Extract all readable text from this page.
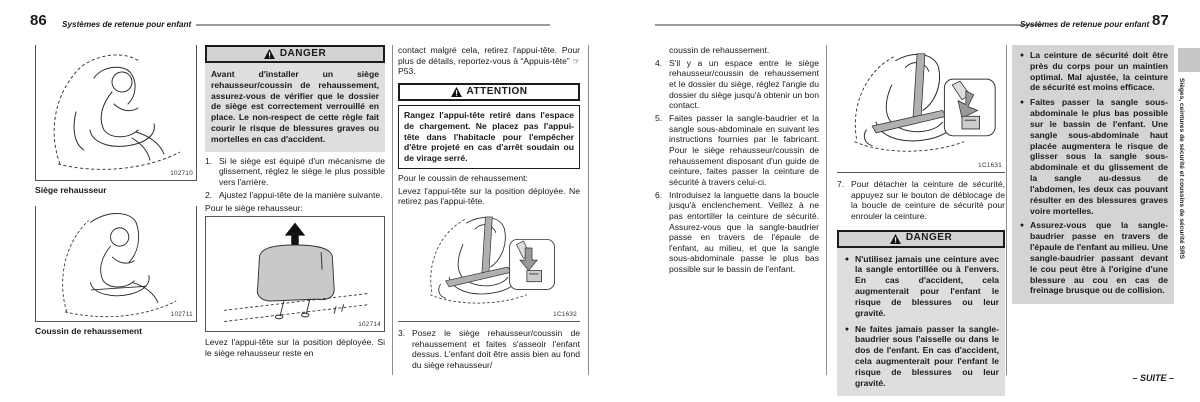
86 Systèmes de retenue pour enfant	Systèmes de retenue pour enfant 87
102710
Siège rehausseur
102711
Coussin de rehaussement
DANGER
Avant d'installer un siège rehausseur/coussin de rehaussement, assurez-vous de vérifier que le dossier de siège est correctement verrouillé en place. Le non-respect de cette règle fait courir le risque de blessures graves ou mortelles en cas d'accident.
1. Si le siège est équipé d'un mécanisme de glissement, réglez le siège le plus possible vers l'arrière.
2. Ajustez l'appui-tête de la manière suivante.
Pour le siège rehausseur:
102714
Levez l'appui-tête sur la position déployée. Si le siège rehausseur reste en
contact malgré cela, retirez l'appui-tête. Pour plus de détails, reportez-vous à “Appuis-tête” ☞P53.
ATTENTION
Rangez l'appui-tête retiré dans l'espace de chargement. Ne placez pas l'appui-tête dans l'habitacle pour l'empêcher d'être projeté en cas d'arrêt soudain ou de virage serré.
Pour le coussin de rehaussement:
Levez l'appui-tête sur la position déployée. Ne retirez pas l'appui-tête.
1C1632
3. Posez le siège rehausseur/coussin de rehaussement et faites s'asseoir l'enfant dessus. L'enfant doit être assis bien au fond du siège rehausseur/
coussin de rehaussement.
4. S'il y a un espace entre le siège rehausseur/coussin de rehaussement et le dossier du siège, réglez l'angle du dossier du siège jusqu'à obtenir un bon contact.
5. Faites passer la sangle-baudrier et la sangle sous-abdominale en suivant les instructions fournies par le fabricant. Pour le siège rehausseur/coussin de rehaussement disposant d'un guide de ceinture, faites passer la ceinture de sécurité à travers celui-ci.
6. Introduisez la languette dans la boucle jusqu'à enclenchement. Veillez à ne pas entortiller la ceinture de sécurité. Assurez-vous que la sangle-baudrier passe en travers de l'épaule de l'enfant, au milieu, et que la sangle sous-abdominale passe le plus bas possible sur le bassin de l'enfant.
1C1631
7. Pour détacher la ceinture de sécurité, appuyez sur le bouton de déblocage de la boucle de ceinture de sécurité pour enrouler la ceinture.
DANGER
● N'utilisez jamais une ceinture avec la sangle entortillée ou à l'envers. En cas d'accident, cela augmenterait pour l'enfant le risque de blessures ou leur gravité.
● Ne faites jamais passer la sangle-baudrier sous l'aisselle ou dans le dos de l'enfant. En cas d'accident, cela augmenterait pour l'enfant le risque de blessures ou leur gravité.
● La ceinture de sécurité doit être près du corps pour un maintien optimal. Mal ajustée, la ceinture de sécurité est moins efficace.
● Faites passer la sangle sous-abdominale le plus bas possible sur le bassin de l'enfant. Une sangle sous-abdominale haut placée augmentera le risque de glisser sous la sangle sous-abdominale et du glissement de la sangle au-dessus de l'abdomen, les deux cas pouvant résulter en des blessures graves voire mortelles.
● Assurez-vous que la sangle-baudrier passe en travers de l'épaule de l'enfant au milieu. Une sangle-baudrier passant devant le cou peut être à l'origine d'une blessure au cou en cas de freinage brusque ou de collision.
Sièges, ceintures de sécurité et coussins de sécurité SRS
– SUITE –
